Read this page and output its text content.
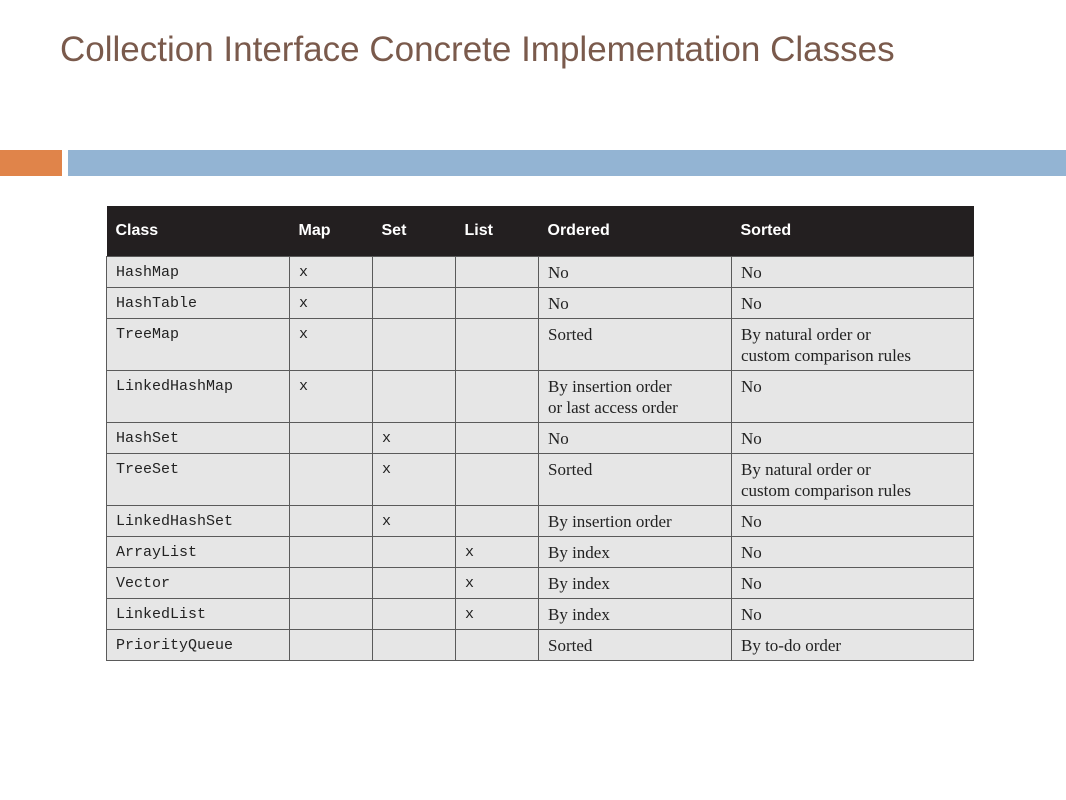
Collection Interface Concrete Implementation Classes
Class	Map	Set	List	Ordered	Sorted
HashMap	x			No	No
HashTable	x			No	No
TreeMap	x			Sorted	By natural order or
custom comparison rules
LinkedHashMap	x			By insertion order
or last access order	No
HashSet		x		No	No
TreeSet		x		Sorted	By natural order or
custom comparison rules
LinkedHashSet		x		By insertion order	No
ArrayList			x	By index	No
Vector			x	By index	No
LinkedList			x	By index	No
PriorityQueue				Sorted	By to-do order
